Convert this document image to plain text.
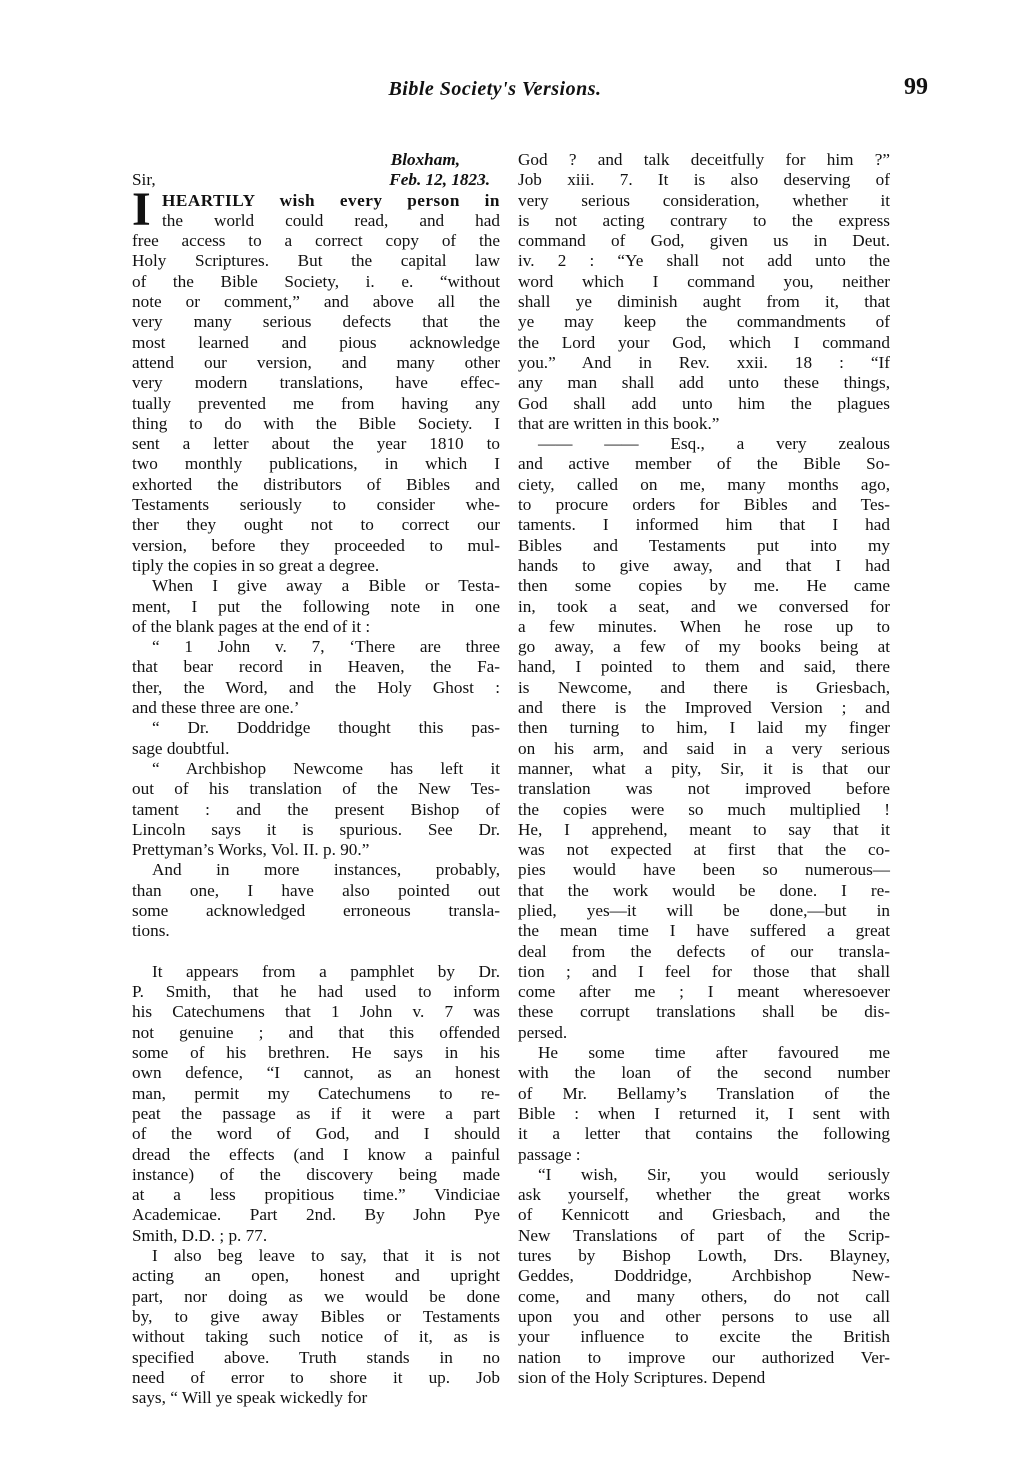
Bible Society's Versions.	99
Bloxham,
Sir,	Feb. 12, 1823.
I HEARTILY wish every person in
the world could read, and had
free access to a correct copy of the
Holy Scriptures. But the capital law
of the Bible Society, i. e. “without
note or comment,” and above all the
very many serious defects that the
most learned and pious acknowledge
attend our version, and many other
very modern translations, have effec-
tually prevented me from having any
thing to do with the Bible Society. I
sent a letter about the year 1810 to
two monthly publications, in which I
exhorted the distributors of Bibles and
Testaments seriously to consider whe-
ther they ought not to correct our
version, before they proceeded to mul-
tiply the copies in so great a degree.
When I give away a Bible or Testa-
ment, I put the following note in one
of the blank pages at the end of it :
“ 1 John v. 7, ‘There are three
that bear record in Heaven, the Fa-
ther, the Word, and the Holy Ghost :
and these three are one.’
“ Dr. Doddridge thought this pas-
sage doubtful.
“ Archbishop Newcome has left it
out of his translation of the New Tes-
tament : and the present Bishop of
Lincoln says it is spurious. See Dr.
Prettyman’s Works, Vol. II. p. 90.”
And in more instances, probably,
than one, I have also pointed out
some acknowledged erroneous transla-
tions.
It appears from a pamphlet by Dr.
P. Smith, that he had used to inform
his Catechumens that 1 John v. 7 was
not genuine ; and that this offended
some of his brethren. He says in his
own defence, “I cannot, as an honest
man, permit my Catechumens to re-
peat the passage as if it were a part
of the word of God, and I should
dread the effects (and I know a painful
instance) of the discovery being made
at a less propitious time.” Vindiciae
Academicae. Part 2nd. By John Pye
Smith, D.D. ; p. 77.
I also beg leave to say, that it is not
acting an open, honest and upright
part, nor doing as we would be done
by, to give away Bibles or Testaments
without taking such notice of it, as is
specified above. Truth stands in no
need of error to shore it up. Job
says, “ Will ye speak wickedly for
God ? and talk deceitfully for him ?”
Job xiii. 7. It is also deserving of
very serious consideration, whether it
is not acting contrary to the express
command of God, given us in Deut.
iv. 2 : “Ye shall not add unto the
word which I command you, neither
shall ye diminish aught from it, that
ye may keep the commandments of
the Lord your God, which I command
you.” And in Rev. xxii. 18 : “If
any man shall add unto these things,
God shall add unto him the plagues
that are written in this book.”
—— —— Esq., a very zealous
and active member of the Bible So-
ciety, called on me, many months ago,
to procure orders for Bibles and Tes-
taments. I informed him that I had
Bibles and Testaments put into my
hands to give away, and that I had
then some copies by me. He came
in, took a seat, and we conversed for
a few minutes. When he rose up to
go away, a few of my books being at
hand, I pointed to them and said, there
is Newcome, and there is Griesbach,
and there is the Improved Version ; and
then turning to him, I laid my finger
on his arm, and said in a very serious
manner, what a pity, Sir, it is that our
translation was not improved before
the copies were so much multiplied !
He, I apprehend, meant to say that it
was not expected at first that the co-
pies would have been so numerous—
that the work would be done. I re-
plied, yes—it will be done,—but in
the mean time I have suffered a great
deal from the defects of our transla-
tion ; and I feel for those that shall
come after me ; I meant wheresoever
these corrupt translations shall be dis-
persed.
He some time after favoured me
with the loan of the second number
of Mr. Bellamy’s Translation of the
Bible : when I returned it, I sent with
it a letter that contains the following
passage :
“I wish, Sir, you would seriously
ask yourself, whether the great works
of Kennicott and Griesbach, and the
New Translations of part of the Scrip-
tures by Bishop Lowth, Drs. Blayney,
Geddes, Doddridge, Archbishop New-
come, and many others, do not call
upon you and other persons to use all
your influence to excite the British
nation to improve our authorized Ver-
sion of the Holy Scriptures. Depend
